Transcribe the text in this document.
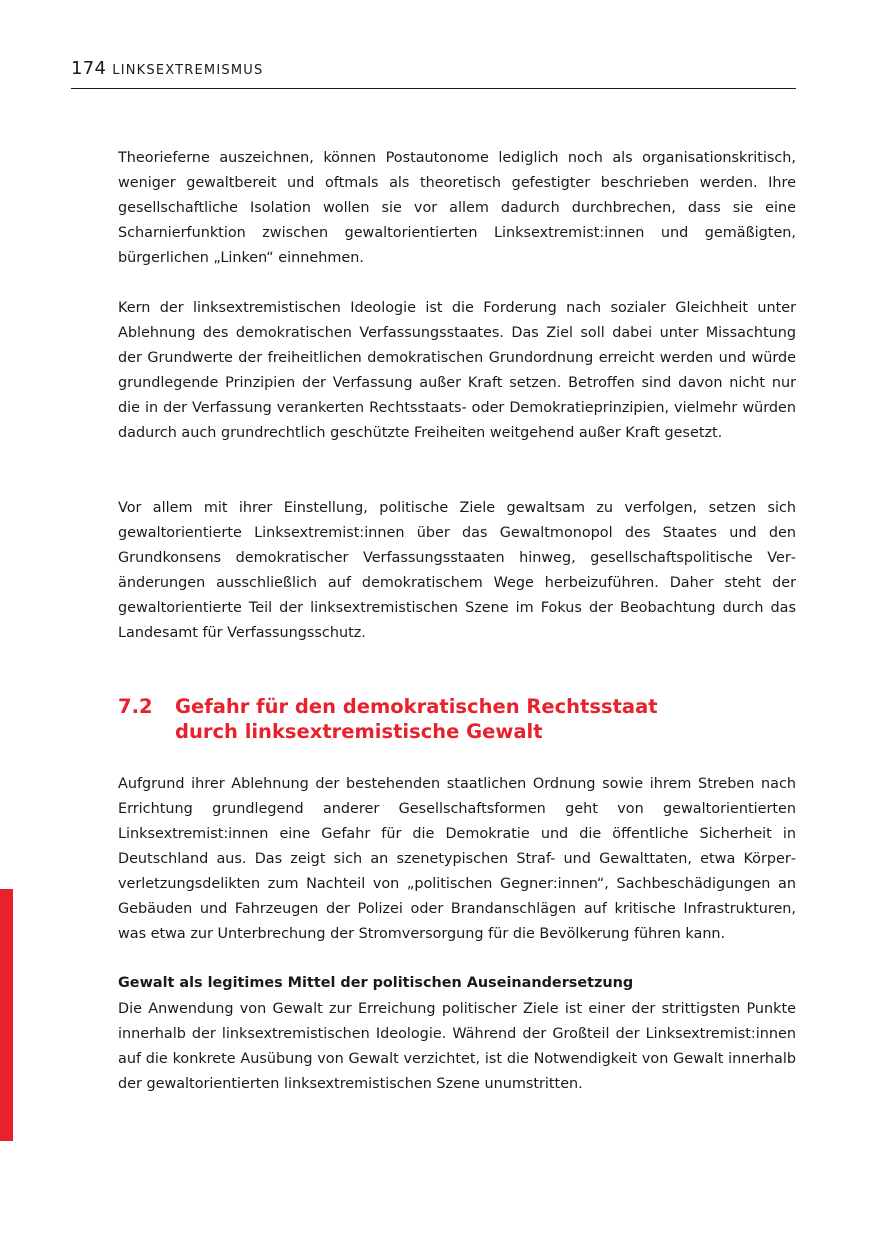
174 LINKSEXTREMISMUS

Theorieferne auszeichnen, können Postautonome lediglich noch als organisationskritisch, weniger gewaltbereit und oftmals als theoretisch gefestigter beschrieben werden. Ihre gesellschaftliche Isolation wollen sie vor allem dadurch durchbrechen, dass sie eine Scharnierfunktion zwischen gewaltorientierten Linksextremist:innen und gemäßigten, bürgerlichen „Linken“ einnehmen.

Kern der linksextremistischen Ideologie ist die Forderung nach sozialer Gleichheit unter Ablehnung des demokratischen Verfassungsstaates. Das Ziel soll dabei unter Missachtung der Grundwerte der freiheitlichen demokratischen Grundordnung erreicht werden und würde grundlegende Prinzipien der Verfassung außer Kraft setzen. Betroffen sind davon nicht nur die in der Verfassung verankerten Rechtsstaats- oder Demokratieprinzipien, vielmehr würden dadurch auch grundrechtlich geschützte Freiheiten weitgehend außer Kraft gesetzt.

Vor allem mit ihrer Einstellung, politische Ziele gewaltsam zu verfolgen, setzen sich gewaltorientierte Linksextremist:innen über das Gewaltmonopol des Staates und den Grundkonsens demokratischer Verfassungsstaaten hinweg, gesellschaftspolitische Veränderungen ausschließlich auf demokratischem Wege herbeizuführen. Daher steht der gewaltorientierte Teil der linksextremistischen Szene im Fokus der Beobachtung durch das Landesamt für Verfassungsschutz.

7.2	Gefahr für den demokratischen Rechtsstaat
durch linksextremistische Gewalt

Aufgrund ihrer Ablehnung der bestehenden staatlichen Ordnung sowie ihrem Streben nach Errichtung grundlegend anderer Gesellschaftsformen geht von gewaltorientierten Linksextremist:innen eine Gefahr für die Demokratie und die öffentliche Sicherheit in Deutschland aus. Das zeigt sich an szenetypischen Straf- und Gewalttaten, etwa Körperverletzungsdelikten zum Nachteil von „politischen Gegner:innen“, Sachbeschädigungen an Gebäuden und Fahrzeugen der Polizei oder Brandanschlägen auf kritische Infrastrukturen, was etwa zur Unterbrechung der Stromversorgung für die Bevölkerung führen kann.

Gewalt als legitimes Mittel der politischen Auseinandersetzung

Die Anwendung von Gewalt zur Erreichung politischer Ziele ist einer der strittigsten Punkte innerhalb der linksextremistischen Ideologie. Während der Großteil der Linksextremist:innen auf die konkrete Ausübung von Gewalt verzichtet, ist die Notwendigkeit von Gewalt innerhalb der gewaltorientierten linksextremistischen Szene unumstritten.
